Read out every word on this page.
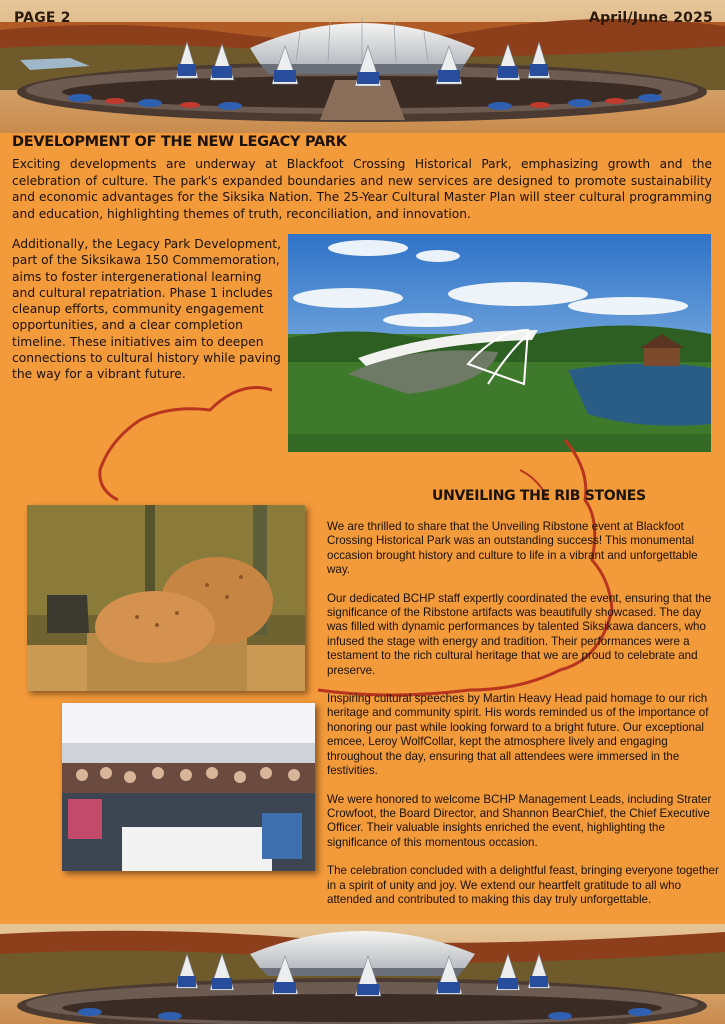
PAGE 2	April/June 2025
DEVELOPMENT OF THE NEW LEGACY PARK

Exciting developments are underway at Blackfoot Crossing Historical Park, emphasizing growth and the celebration of culture. The park's expanded boundaries and new services are designed to promote sustainability and economic advantages for the Siksika Nation. The 25-Year Cultural Master Plan will steer cultural programming and education, highlighting themes of truth, reconciliation, and innovation.

Additionally, the Legacy Park Development, part of the Siksikawa 150 Commemoration, aims to foster intergenerational learning and cultural repatriation. Phase 1 includes cleanup efforts, community engagement opportunities, and a clear completion timeline. These initiatives aim to deepen connections to cultural history while paving the way for a vibrant future.

UNVEILING THE RIB STONES

We are thrilled to share that the Unveiling Ribstone event at Blackfoot Crossing Historical Park was an outstanding success! This monumental occasion brought history and culture to life in a vibrant and unforgettable way.

Our dedicated BCHP staff expertly coordinated the event, ensuring that the significance of the Ribstone artifacts was beautifully showcased. The day was filled with dynamic performances by talented Siksikawa dancers, who infused the stage with energy and tradition. Their performances were a testament to the rich cultural heritage that we are proud to celebrate and preserve.

Inspiring cultural speeches by Martin Heavy Head paid homage to our rich heritage and community spirit. His words reminded us of the importance of honoring our past while looking forward to a bright future. Our exceptional emcee, Leroy WolfCollar, kept the atmosphere lively and engaging throughout the day, ensuring that all attendees were immersed in the festivities.

We were honored to welcome BCHP Management Leads, including Strater Crowfoot, the Board Director, and Shannon BearChief, the Chief Executive Officer. Their valuable insights enriched the event, highlighting the significance of this momentous occasion.

The celebration concluded with a delightful feast, bringing everyone together in a spirit of unity and joy. We extend our heartfelt gratitude to all who attended and contributed to making this day truly unforgettable.
